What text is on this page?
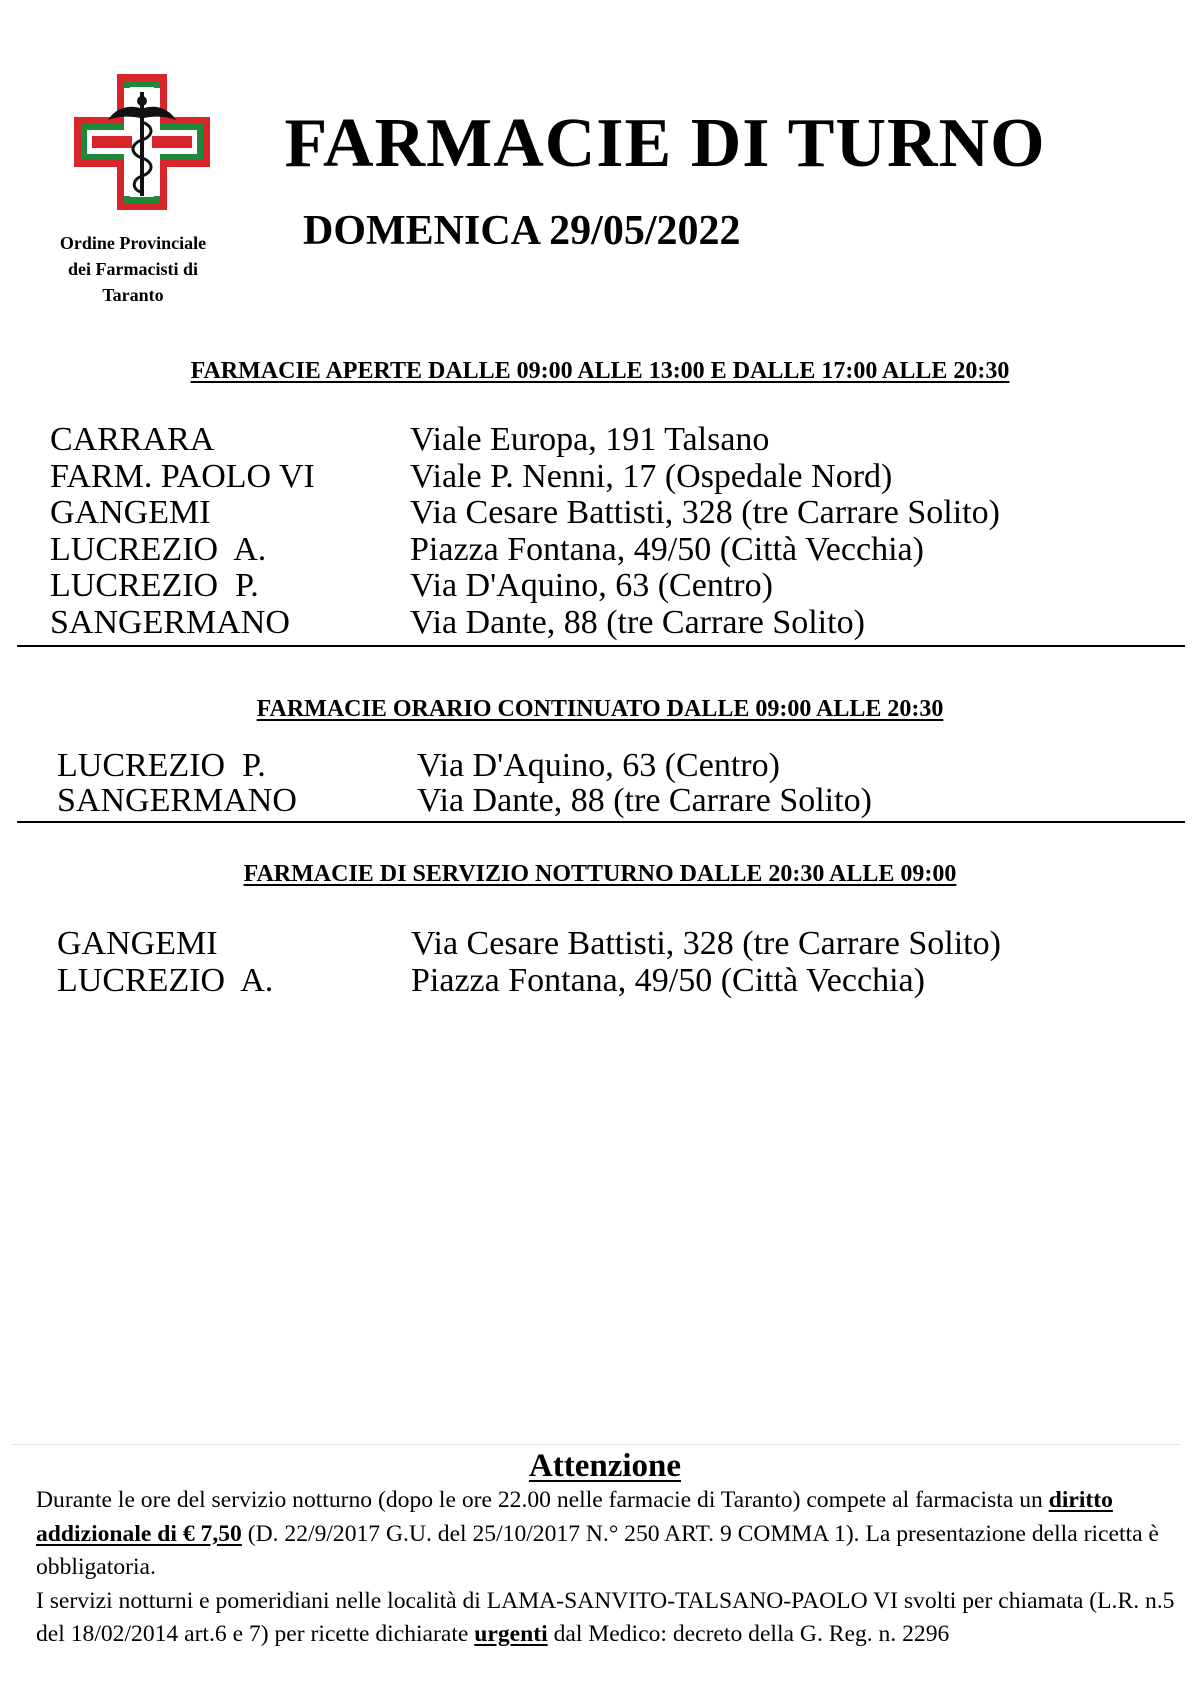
Ordine Provinciale
dei Farmacisti di
Taranto
FARMACIE DI TURNO
DOMENICA 29/05/2022
FARMACIE APERTE DALLE 09:00 ALLE 13:00 E DALLE 17:00 ALLE 20:30
CARRARA	Viale Europa, 191 Talsano
FARM. PAOLO VI	Viale P. Nenni, 17 (Ospedale Nord)
GANGEMI	Via Cesare Battisti, 328 (tre Carrare Solito)
LUCREZIO  A.	Piazza Fontana, 49/50 (Città Vecchia)
LUCREZIO  P.	Via D'Aquino, 63 (Centro)
SANGERMANO	Via Dante, 88 (tre Carrare Solito)
FARMACIE ORARIO CONTINUATO DALLE 09:00 ALLE 20:30
LUCREZIO  P.	Via D'Aquino, 63 (Centro)
SANGERMANO	Via Dante, 88 (tre Carrare Solito)
FARMACIE DI SERVIZIO NOTTURNO DALLE 20:30 ALLE 09:00
GANGEMI	Via Cesare Battisti, 328 (tre Carrare Solito)
LUCREZIO  A.	Piazza Fontana, 49/50 (Città Vecchia)
Attenzione

Durante le ore del servizio notturno (dopo le ore 22.00 nelle farmacie di Taranto) compete al farmacista un diritto addizionale di € 7,50 (D. 22/9/2017 G.U. del 25/10/2017 N.° 250 ART. 9 COMMA 1). La presentazione della ricetta è obbligatoria.

I servizi notturni e pomeridiani nelle località di LAMA-SANVITO-TALSANO-PAOLO VI svolti per chiamata (L.R. n.5 del 18/02/2014 art.6 e 7) per ricette dichiarate urgenti dal Medico: decreto della G. Reg. n. 2296
